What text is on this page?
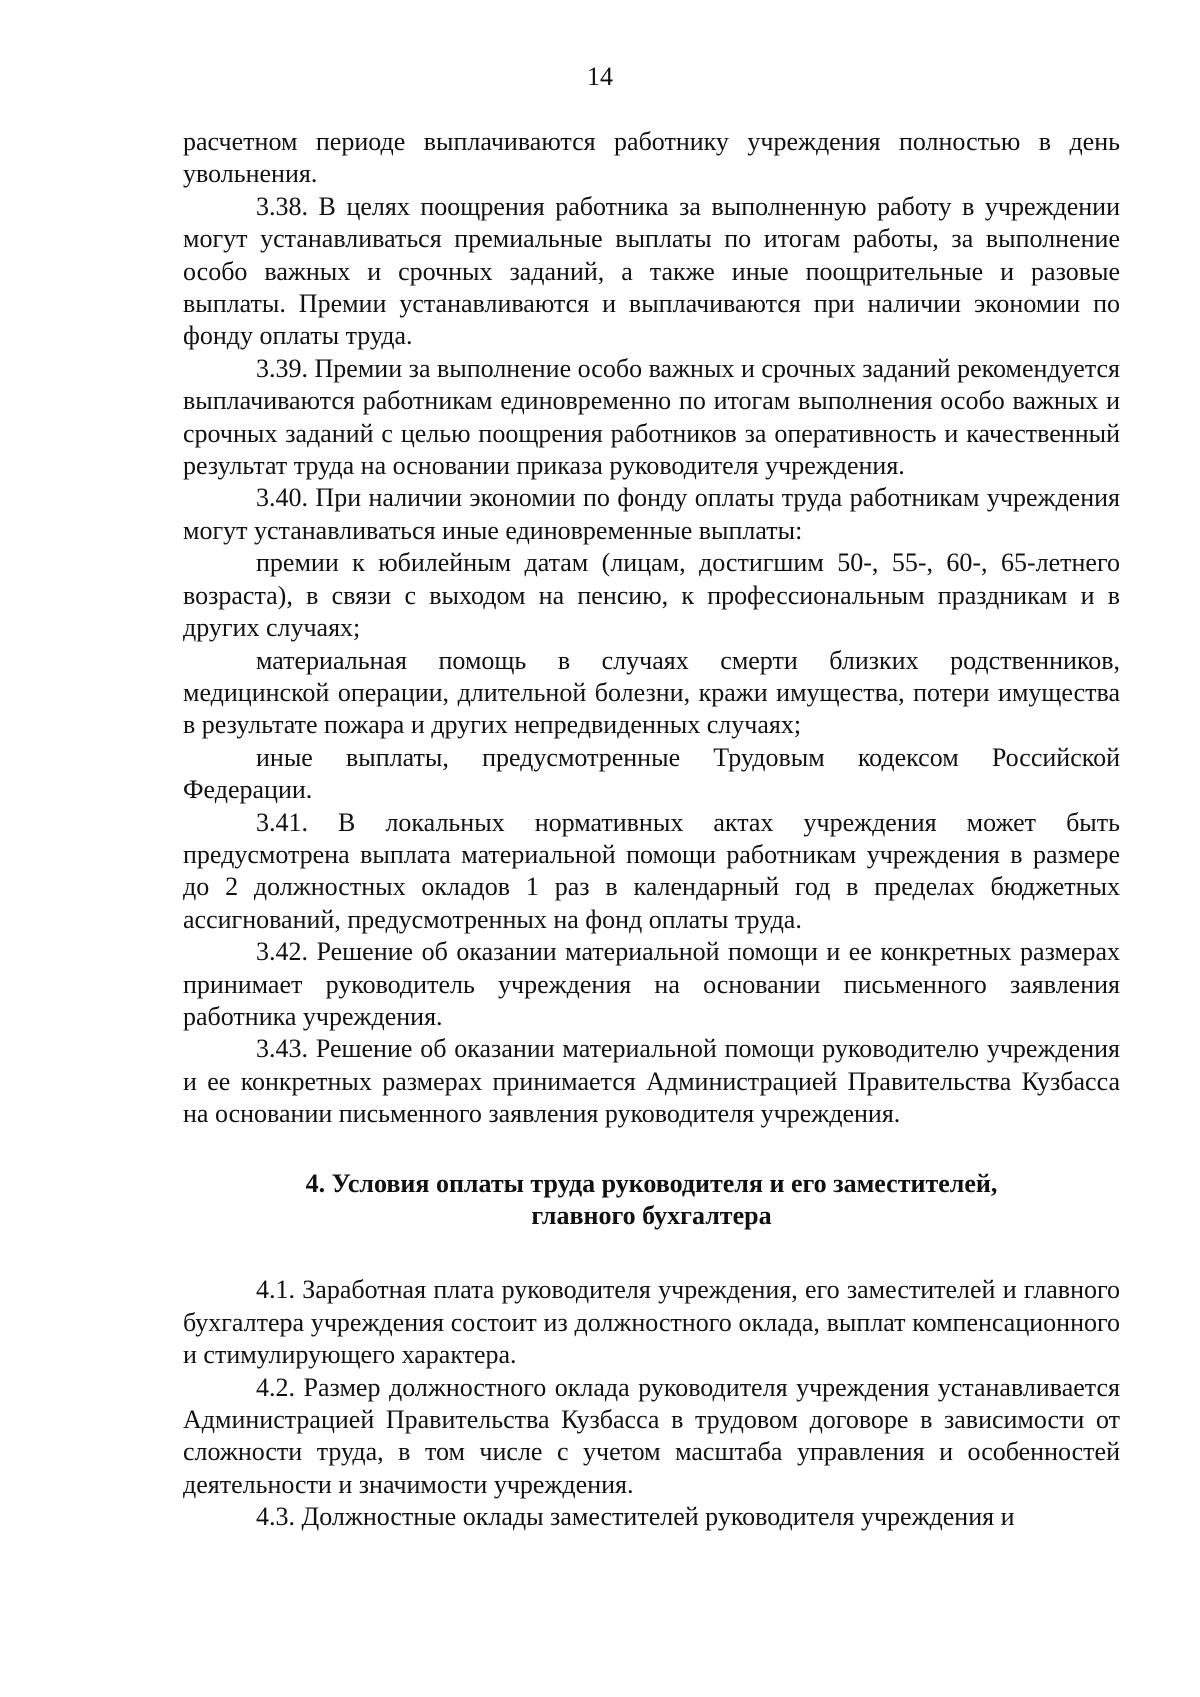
14

расчетном периоде выплачиваются работнику учреждения полностью в день увольнения.

3.38. В целях поощрения работника за выполненную работу в учреждении могут устанавливаться премиальные выплаты по итогам работы, за выполнение особо важных и срочных заданий, а также иные поощрительные и разовые выплаты. Премии устанавливаются и выплачиваются при наличии экономии по фонду оплаты труда.

3.39. Премии за выполнение особо важных и срочных заданий рекомендуется выплачиваются работникам единовременно по итогам выполнения особо важных и срочных заданий с целью поощрения работников за оперативность и качественный результат труда на основании приказа руководителя учреждения.

3.40. При наличии экономии по фонду оплаты труда работникам учреждения могут устанавливаться иные единовременные выплаты:

премии к юбилейным датам (лицам, достигшим 50-, 55-, 60-, 65-летнего возраста), в связи с выходом на пенсию, к профессиональным праздникам и в других случаях;

материальная помощь в случаях смерти близких родственников, медицинской операции, длительной болезни, кражи имущества, потери имущества в результате пожара и других непредвиденных случаях;

иные выплаты, предусмотренные Трудовым кодексом Российской Федерации.

3.41. В локальных нормативных актах учреждения может быть предусмотрена выплата материальной помощи работникам учреждения в размере до 2 должностных окладов 1 раз в календарный год в пределах бюджетных ассигнований, предусмотренных на фонд оплаты труда.

3.42. Решение об оказании материальной помощи и ее конкретных размерах принимает руководитель учреждения на основании письменного заявления работника учреждения.

3.43. Решение об оказании материальной помощи руководителю учреждения и ее конкретных размерах принимается Администрацией Правительства Кузбасса на основании письменного заявления руководителя учреждения.

4. Условия оплаты труда руководителя и его заместителей,
главного бухгалтера

4.1. Заработная плата руководителя учреждения, его заместителей и главного бухгалтера учреждения состоит из должностного оклада, выплат компенсационного и стимулирующего характера.

4.2. Размер должностного оклада руководителя учреждения устанавливается Администрацией Правительства Кузбасса в трудовом договоре в зависимости от сложности труда, в том числе с учетом масштаба управления и особенностей деятельности и значимости учреждения.

4.3. Должностные оклады заместителей руководителя учреждения и
